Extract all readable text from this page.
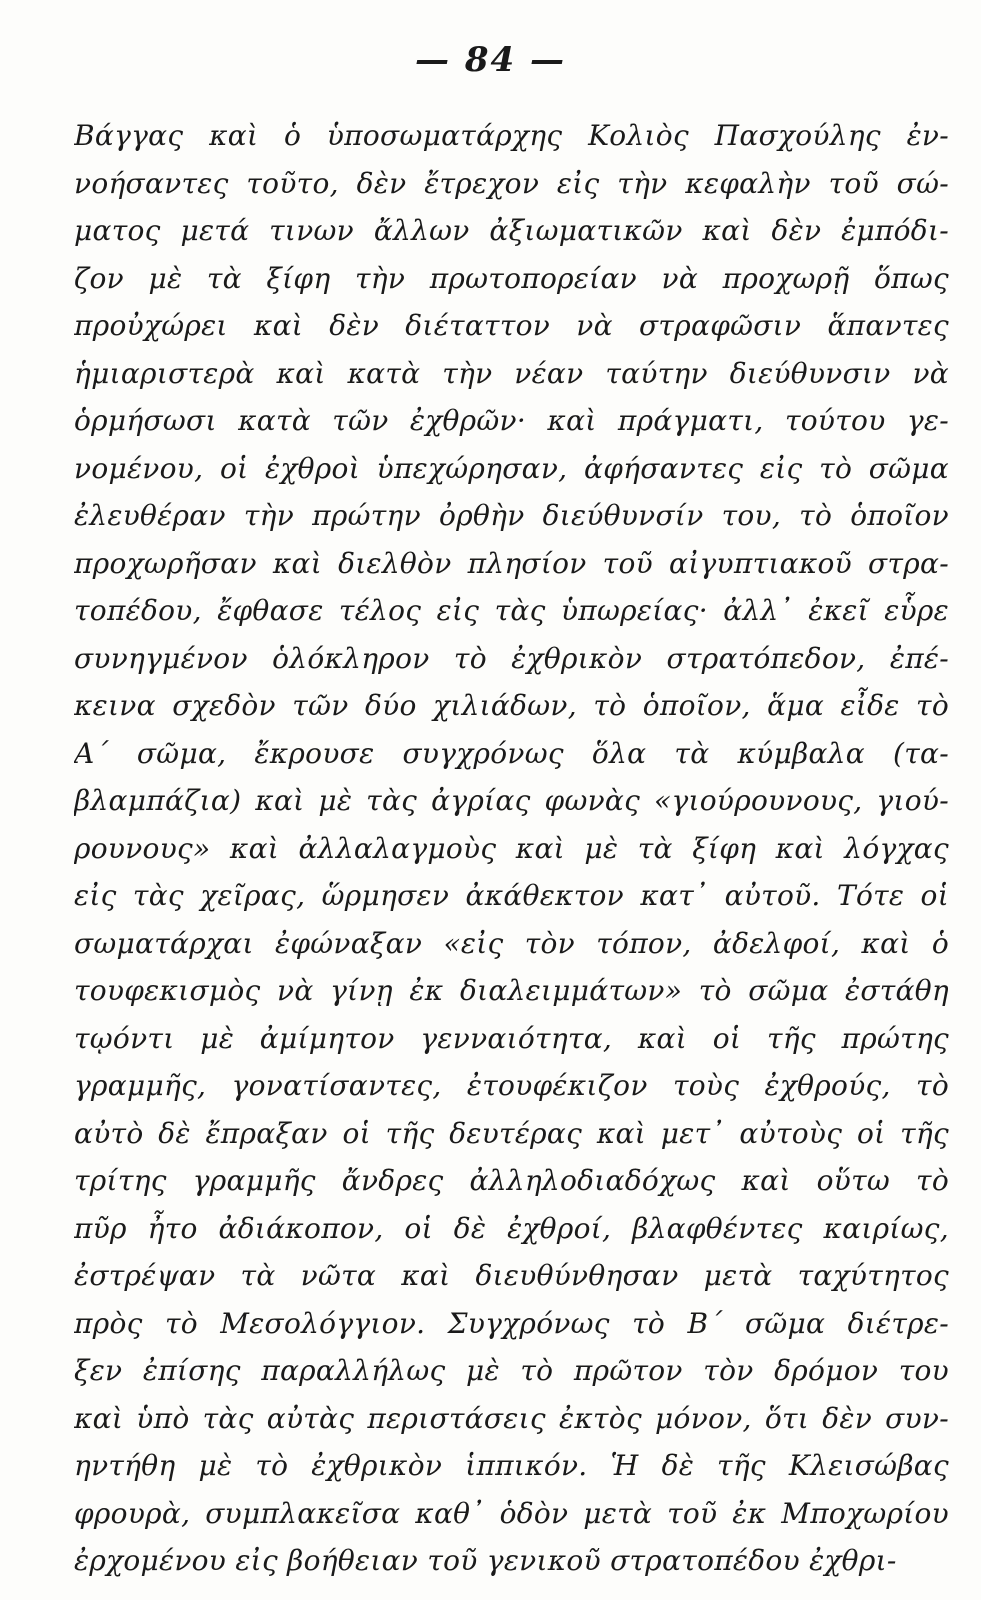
— 84 —
Βάγγας καὶ ὁ ὑποσωματάρχης Κολιὸς Πασχούλης ἐν-
νοήσαντες τοῦτο, δὲν ἔτρεχον εἰς τὴν κεφαλὴν τοῦ σώ-
ματος μετά τινων ἄλλων ἀξιωματικῶν καὶ δὲν ἐμπόδι-
ζον μὲ τὰ ξίφη τὴν πρωτοπορείαν νὰ προχωρῇ ὅπως
προὐχώρει καὶ δὲν διέταττον νὰ στραφῶσιν ἅπαντες
ἡμιαριστερὰ καὶ κατὰ τὴν νέαν ταύτην διεύθυνσιν νὰ
ὁρμήσωσι κατὰ τῶν ἐχθρῶν· καὶ πράγματι, τούτου γε-
νομένου, οἱ ἐχθροὶ ὑπεχώρησαν, ἀφήσαντες εἰς τὸ σῶμα
ἐλευθέραν τὴν πρώτην ὀρθὴν διεύθυνσίν του, τὸ ὁποῖον
προχωρῆσαν καὶ διελθὸν πλησίον τοῦ αἰγυπτιακοῦ στρα-
τοπέδου, ἔφθασε τέλος εἰς τὰς ὑπωρείας· ἀλλ᾽ ἐκεῖ εὗρε
συνηγμένον ὁλόκληρον τὸ ἐχθρικὸν στρατόπεδον, ἐπέ-
κεινα σχεδὸν τῶν δύο χιλιάδων, τὸ ὁποῖον, ἅμα εἶδε τὸ
Α΄ σῶμα, ἔκρουσε συγχρόνως ὅλα τὰ κύμβαλα (τα-
βλαμπάζια) καὶ μὲ τὰς ἀγρίας φωνὰς «γιούρουνους, γιού-
ρουνους» καὶ ἀλλαλαγμοὺς καὶ μὲ τὰ ξίφη καὶ λόγχας
εἰς τὰς χεῖρας, ὥρμησεν ἀκάθεκτον κατ᾽ αὐτοῦ. Τότε οἱ
σωματάρχαι ἐφώναξαν «εἰς τὸν τόπον, ἀδελφοί, καὶ ὁ
τουφεκισμὸς νὰ γίνῃ ἐκ διαλειμμάτων» τὸ σῶμα ἐστάθη
τῳόντι μὲ ἀμίμητον γενναιότητα, καὶ οἱ τῆς πρώτης
γραμμῆς, γονατίσαντες, ἐτουφέκιζον τοὺς ἐχθρούς, τὸ
αὐτὸ δὲ ἔπραξαν οἱ τῆς δευτέρας καὶ μετ᾽ αὐτοὺς οἱ τῆς
τρίτης γραμμῆς ἄνδρες ἀλληλοδιαδόχως καὶ οὕτω τὸ
πῦρ ἦτο ἀδιάκοπον, οἱ δὲ ἐχθροί, βλαφθέντες καιρίως,
ἐστρέψαν τὰ νῶτα καὶ διευθύνθησαν μετὰ ταχύτητος
πρὸς τὸ Μεσολόγγιον. Συγχρόνως τὸ Β΄ σῶμα διέτρε-
ξεν ἐπίσης παραλλήλως μὲ τὸ πρῶτον τὸν δρόμον του
καὶ ὑπὸ τὰς αὐτὰς περιστάσεις ἐκτὸς μόνον, ὅτι δὲν συν-
ηντήθη μὲ τὸ ἐχθρικὸν ἱππικόν. Ἡ δὲ τῆς Κλεισώβας
φρουρὰ, συμπλακεῖσα καθ᾽ ὁδὸν μετὰ τοῦ ἐκ Μποχωρίου
ἐρχομένου εἰς βοήθειαν τοῦ γενικοῦ στρατοπέδου ἐχθρι-
